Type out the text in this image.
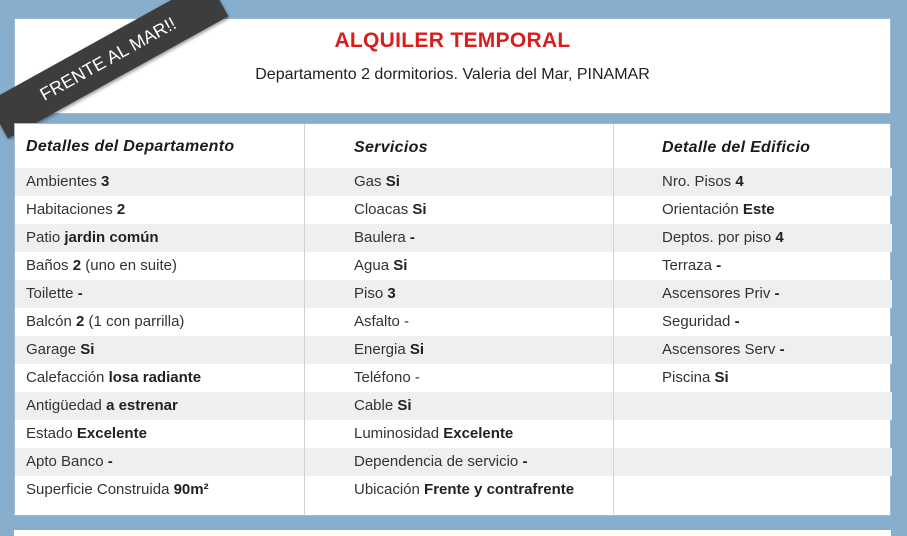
ALQUILER TEMPORAL
Departamento 2 dormitorios. Valeria del Mar, PINAMAR
FRENTE AL MAR!!
Detalles del Departamento
Ambientes 3
Habitaciones 2
Patio jardin común
Baños 2 (uno en suite)
Toilette -
Balcón 2 (1 con parrilla)
Garage Si
Calefacción losa radiante
Antigüedad a estrenar
Estado Excelente
Apto Banco -
Superficie Construida 90m²
Servicios
Gas Si
Cloacas Si
Baulera -
Agua Si
Piso 3
Asfalto -
Energia Si
Teléfono -
Cable Si
Luminosidad Excelente
Dependencia de servicio -
Ubicación Frente y contrafrente
Detalle del Edificio
Nro. Pisos 4
Orientación Este
Deptos. por piso 4
Terraza -
Ascensores Priv -
Seguridad -
Ascensores Serv -
Piscina Si
